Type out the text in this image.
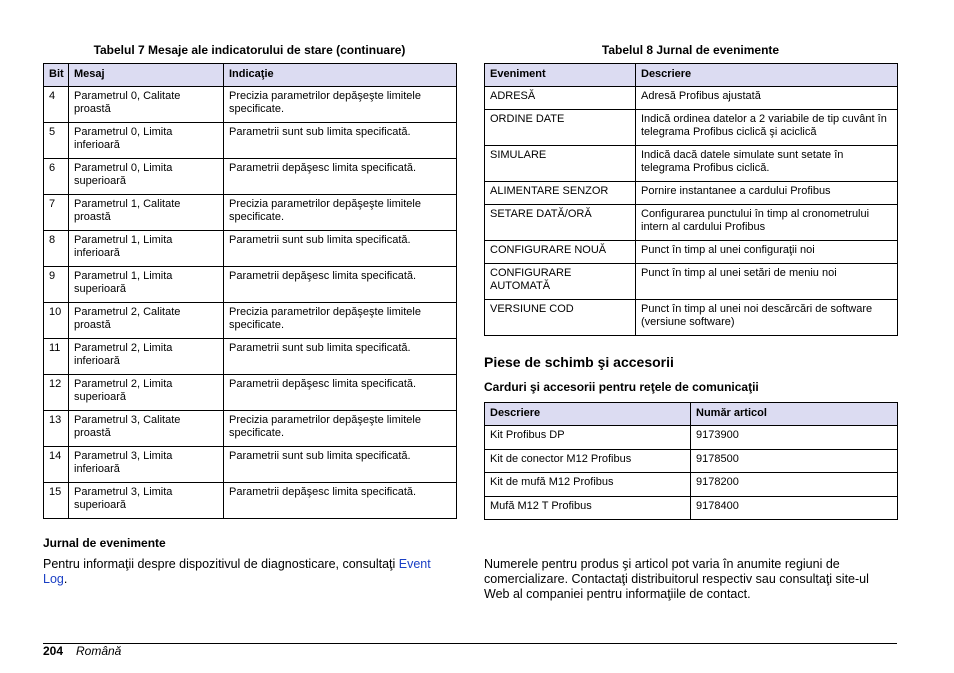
Tabelul 7 Mesaje ale indicatorului de stare (continuare)
Bit	Mesaj	Indicaţie
4	Parametrul 0, Calitate proastă	Precizia parametrilor depăşeşte limitele specificate.
5	Parametrul 0, Limita inferioară	Parametrii sunt sub limita specificată.
6	Parametrul 0, Limita superioară	Parametrii depăşesc limita specificată.
7	Parametrul 1, Calitate proastă	Precizia parametrilor depăşeşte limitele specificate.
8	Parametrul 1, Limita inferioară	Parametrii sunt sub limita specificată.
9	Parametrul 1, Limita superioară	Parametrii depăşesc limita specificată.
10	Parametrul 2, Calitate proastă	Precizia parametrilor depăşeşte limitele specificate.
11	Parametrul 2, Limita inferioară	Parametrii sunt sub limita specificată.
12	Parametrul 2, Limita superioară	Parametrii depăşesc limita specificată.
13	Parametrul 3, Calitate proastă	Precizia parametrilor depăşeşte limitele specificate.
14	Parametrul 3, Limita inferioară	Parametrii sunt sub limita specificată.
15	Parametrul 3, Limita superioară	Parametrii depăşesc limita specificată.
Jurnal de evenimente
Pentru informaţii despre dispozitivul de diagnosticare, consultaţi Event Log.
Tabelul 8 Jurnal de evenimente
Eveniment	Descriere
ADRESĂ	Adresă Profibus ajustată
ORDINE DATE	Indică ordinea datelor a 2 variabile de tip cuvânt în telegrama Profibus ciclică şi aciclică
SIMULARE	Indică dacă datele simulate sunt setate în telegrama Profibus ciclică.
ALIMENTARE SENZOR	Pornire instantanee a cardului Profibus
SETARE DATĂ/ORĂ	Configurarea punctului în timp al cronometrului intern al cardului Profibus
CONFIGURARE NOUĂ	Punct în timp al unei configuraţii noi
CONFIGURARE AUTOMATĂ	Punct în timp al unei setări de meniu noi
VERSIUNE COD	Punct în timp al unei noi descărcări de software (versiune software)
Piese de schimb şi accesorii
Carduri şi accesorii pentru reţele de comunicaţii
Descriere	Număr articol
Kit Profibus DP	9173900
Kit de conector M12 Profibus	9178500
Kit de mufă M12 Profibus	9178200
Mufă M12 T Profibus	9178400
Numerele pentru produs şi articol pot varia în anumite regiuni de comercializare. Contactaţi distribuitorul respectiv sau consultaţi site-ul Web al companiei pentru informaţiile de contact.
204 Română
